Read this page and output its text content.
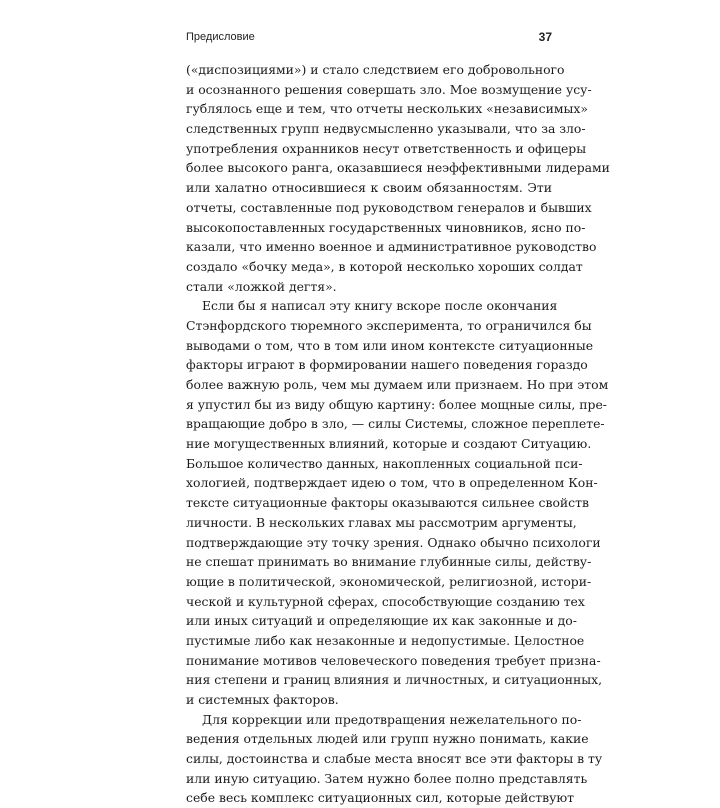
Предисловие	37
(«диспозициями») и стало следствием его добровольного
и осознанного решения совершать зло. Мое возмущение усу-
гублялось еще и тем, что отчеты нескольких «независимых»
следственных групп недвусмысленно указывали, что за зло-
употребления охранников несут ответственность и офицеры
более высокого ранга, оказавшиеся неэффективными лидерами
или халатно относившиеся к своим обязанностям. Эти
отчеты, составленные под руководством генералов и бывших
высокопоставленных государственных чиновников, ясно по-
казали, что именно военное и административное руководство
создало «бочку меда», в которой несколько хороших солдат
стали «ложкой дегтя».
Если бы я написал эту книгу вскоре после окончания
Стэнфордского тюремного эксперимента, то ограничился бы
выводами о том, что в том или ином контексте ситуационные
факторы играют в формировании нашего поведения гораздо
более важную роль, чем мы думаем или признаем. Но при этом
я упустил бы из виду общую картину: более мощные силы, пре-
вращающие добро в зло, — силы Системы, сложное переплете-
ние могущественных влияний, которые и создают Ситуацию.
Большое количество данных, накопленных социальной пси-
хологией, подтверждает идею о том, что в определенном Кон-
тексте ситуационные факторы оказываются сильнее свойств
личности. В нескольких главах мы рассмотрим аргументы,
подтверждающие эту точку зрения. Однако обычно психологи
не спешат принимать во внимание глубинные силы, действу-
ющие в политической, экономической, религиозной, истори-
ческой и культурной сферах, способствующие созданию тех
или иных ситуаций и определяющие их как законные и до-
пустимые либо как незаконные и недопустимые. Целостное
понимание мотивов человеческого поведения требует призна-
ния степени и границ влияния и личностных, и ситуационных,
и системных факторов.
Для коррекции или предотвращения нежелательного по-
ведения отдельных людей или групп нужно понимать, какие
силы, достоинства и слабые места вносят все эти факторы в ту
или иную ситуацию. Затем нужно более полно представлять
себе весь комплекс ситуационных сил, которые действуют
